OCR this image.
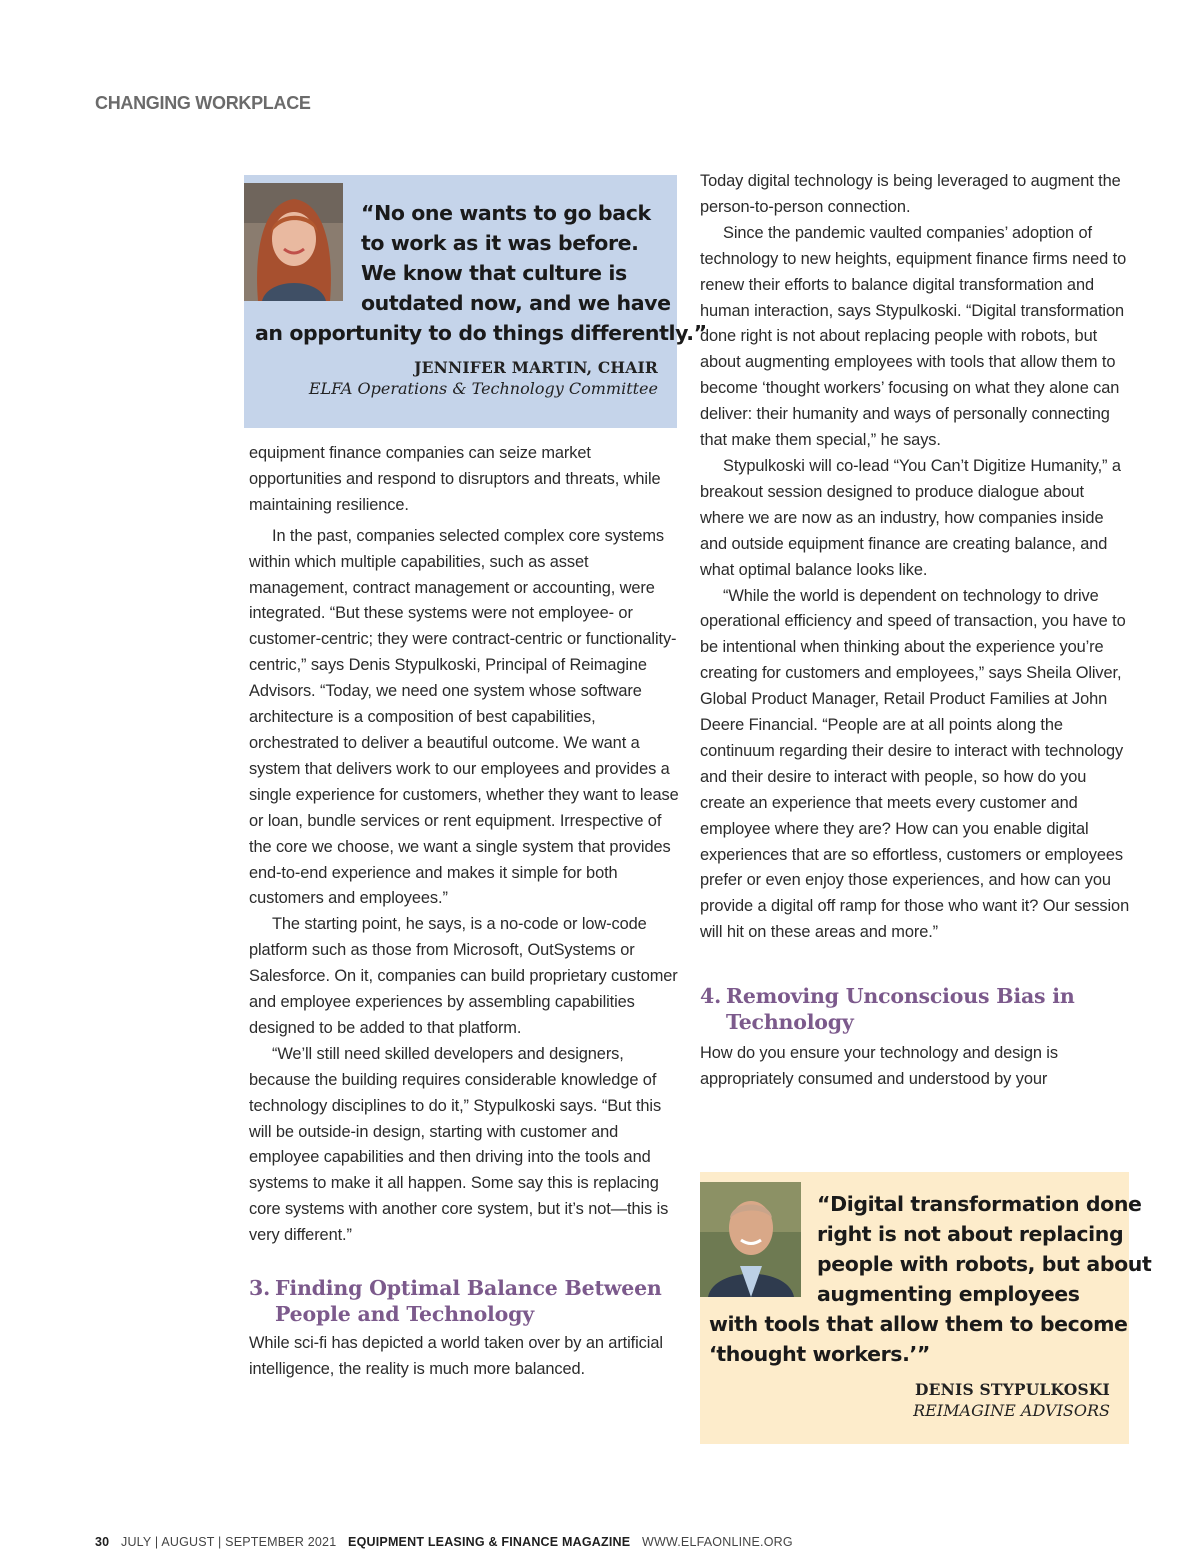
CHANGING WORKPLACE
“No one wants to go back
to work as it was before.
We know that culture is
outdated now, and we have
an opportunity to do things differently.”
JENNIFER MARTIN, CHAIR
ELFA Operations & Technology Committee

equipment finance companies can seize market opportunities and respond to disruptors and threats, while maintaining resilience.

In the past, companies selected complex core systems within which multiple capabilities, such as asset management, contract management or accounting, were integrated. “But these systems were not employee- or customer-centric; they were contract-centric or functionality-centric,” says Denis Stypulkoski, Principal of Reimagine Advisors. “Today, we need one system whose software architecture is a composition of best capabilities, orchestrated to deliver a beautiful outcome. We want a system that delivers work to our employees and provides a single experience for customers, whether they want to lease or loan, bundle services or rent equipment. Irrespective of the core we choose, we want a single system that provides end-to-end experience and makes it simple for both customers and employees.”

The starting point, he says, is a no-code or low-code platform such as those from Microsoft, OutSystems or Salesforce. On it, companies can build proprietary customer and employee experiences by assembling capabilities designed to be added to that platform.

“We’ll still need skilled developers and designers, because the building requires considerable knowledge of technology disciplines to do it,” Stypulkoski says. “But this will be outside-in design, starting with customer and employee capabilities and then driving into the tools and systems to make it all happen. Some say this is replacing core systems with another core system, but it’s not—this is very different.”

3. Finding Optimal Balance Between People and Technology

While sci-fi has depicted a world taken over by an artificial intelligence, the reality is much more balanced.

Today digital technology is being leveraged to augment the person-to-person connection.

Since the pandemic vaulted companies’ adoption of technology to new heights, equipment finance firms need to renew their efforts to balance digital transformation and human interaction, says Stypulkoski. “Digital transformation done right is not about replacing people with robots, but about augmenting employees with tools that allow them to become ‘thought workers’ focusing on what they alone can deliver: their humanity and ways of personally connecting that make them special,” he says.

Stypulkoski will co-lead “You Can’t Digitize Humanity,” a breakout session designed to produce dialogue about where we are now as an industry, how companies inside and outside equipment finance are creating balance, and what optimal balance looks like.

“While the world is dependent on technology to drive operational efficiency and speed of transaction, you have to be intentional when thinking about the experience you’re creating for customers and employees,” says Sheila Oliver, Global Product Manager, Retail Product Families at John Deere Financial. “People are at all points along the continuum regarding their desire to interact with technology and their desire to interact with people, so how do you create an experience that meets every customer and employee where they are? How can you enable digital experiences that are so effortless, customers or employees prefer or even enjoy those experiences, and how can you provide a digital off ramp for those who want it? Our session will hit on these areas and more.”

4. Removing Unconscious Bias in Technology

How do you ensure your technology and design is appropriately consumed and understood by your

“Digital transformation done
right is not about replacing
people with robots, but about
augmenting employees
with tools that allow them to become
‘thought workers.’”
DENIS STYPULKOSKI
REIMAGINE ADVISORS
30 JULY | AUGUST | SEPTEMBER 2021 EQUIPMENT LEASING & FINANCE MAGAZINE WWW.ELFAONLINE.ORG
